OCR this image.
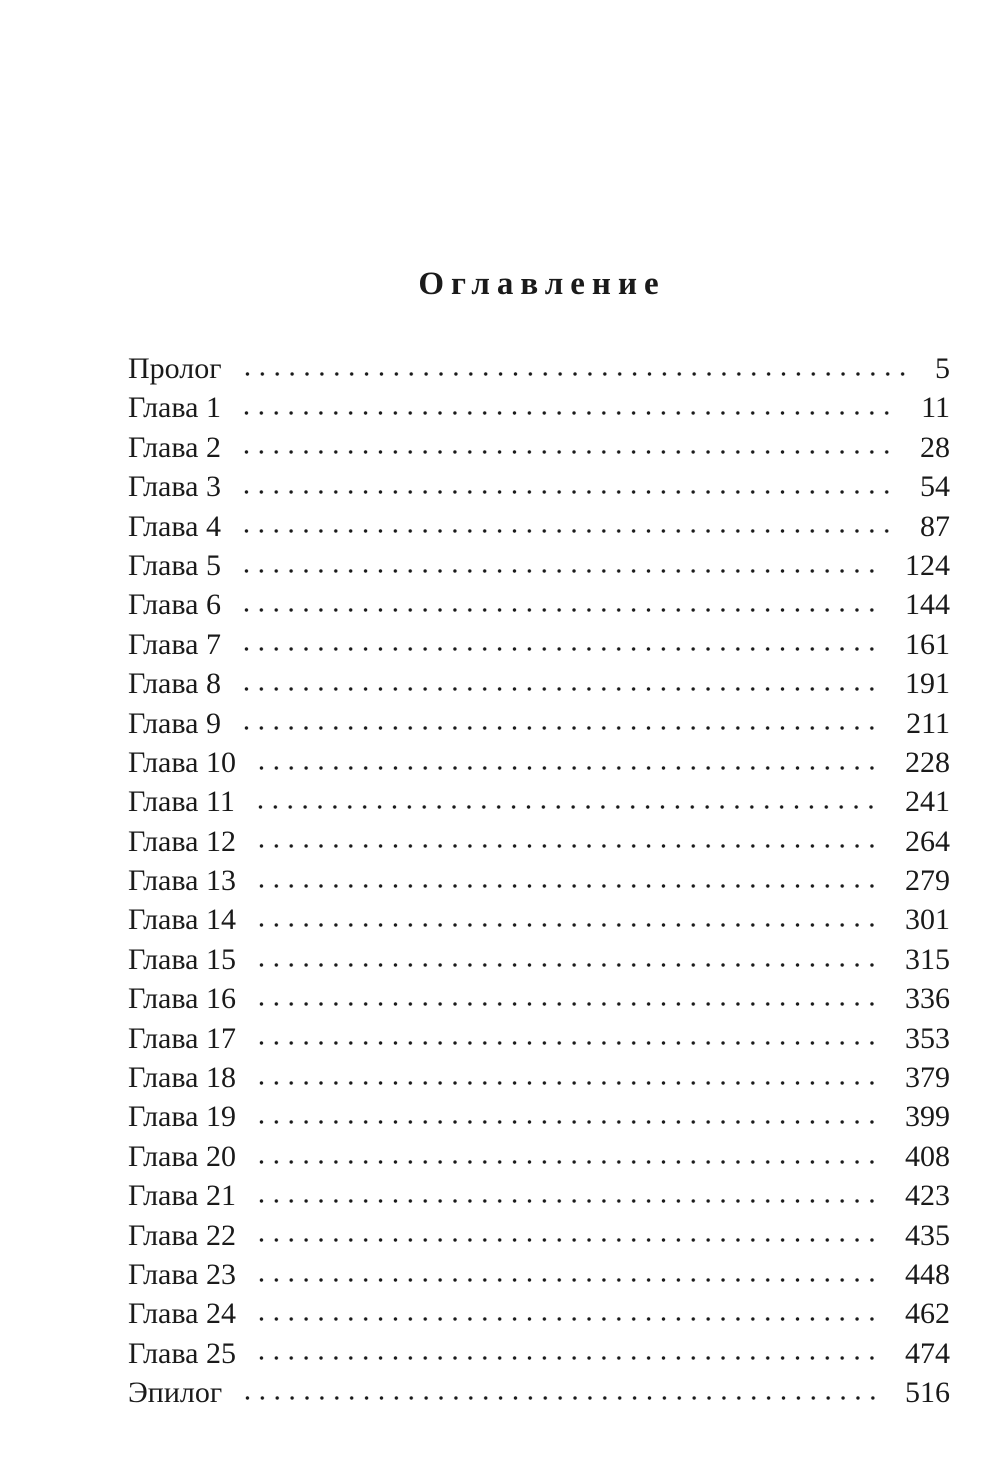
Оглавление
Пролог	5
Глава 1	11
Глава 2	28
Глава 3	54
Глава 4	87
Глава 5	124
Глава 6	144
Глава 7	161
Глава 8	191
Глава 9	211
Глава 10	228
Глава 11	241
Глава 12	264
Глава 13	279
Глава 14	301
Глава 15	315
Глава 16	336
Глава 17	353
Глава 18	379
Глава 19	399
Глава 20	408
Глава 21	423
Глава 22	435
Глава 23	448
Глава 24	462
Глава 25	474
Эпилог	516
